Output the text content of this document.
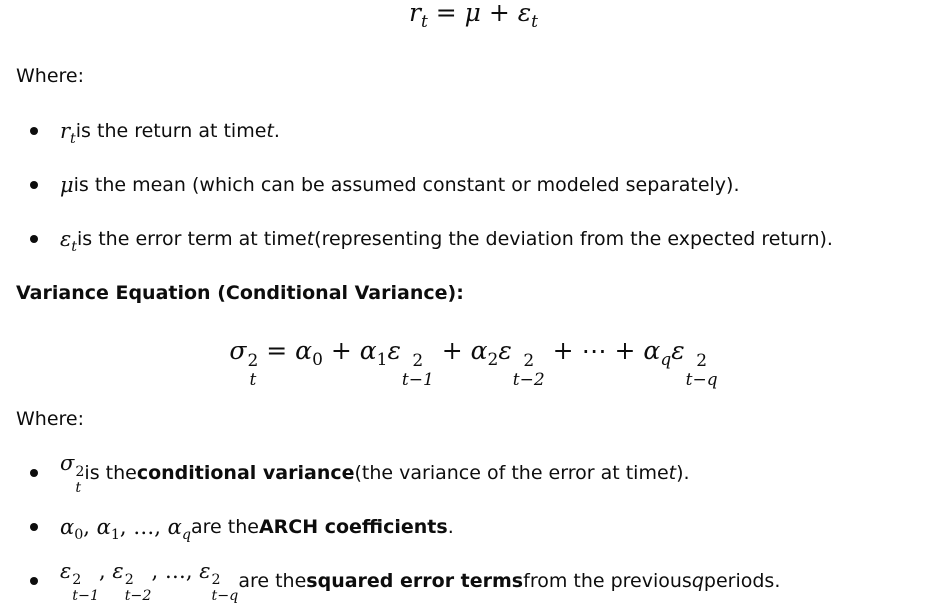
$r_t = \mu + \varepsilon_t$
Where:
$r_t$ is the return at time t .
μ is the mean (which can be assumed constant or modeled separately).
$\varepsilon_t$ is the error term at time t (representing the deviation from the expected return).
Variance Equation (Conditional Variance):
σ 2
t
= $\alpha_0 + \alpha_1\varepsilon$ 2
t−1
+ $\alpha_2\varepsilon$ 2
t−2
+ ⋯ + $\alpha_q\varepsilon$ 2
t−q
Where:
σ 2
t
is the conditional variance (the variance of the error at time t ).
$\alpha_0$, $\alpha_1$, …, $\alpha_q$ are the ARCH coefficients .
ε 2
t−1
, ε 2
t−2
, …, ε 2
t−q
are the squared error terms from the previous q periods.
